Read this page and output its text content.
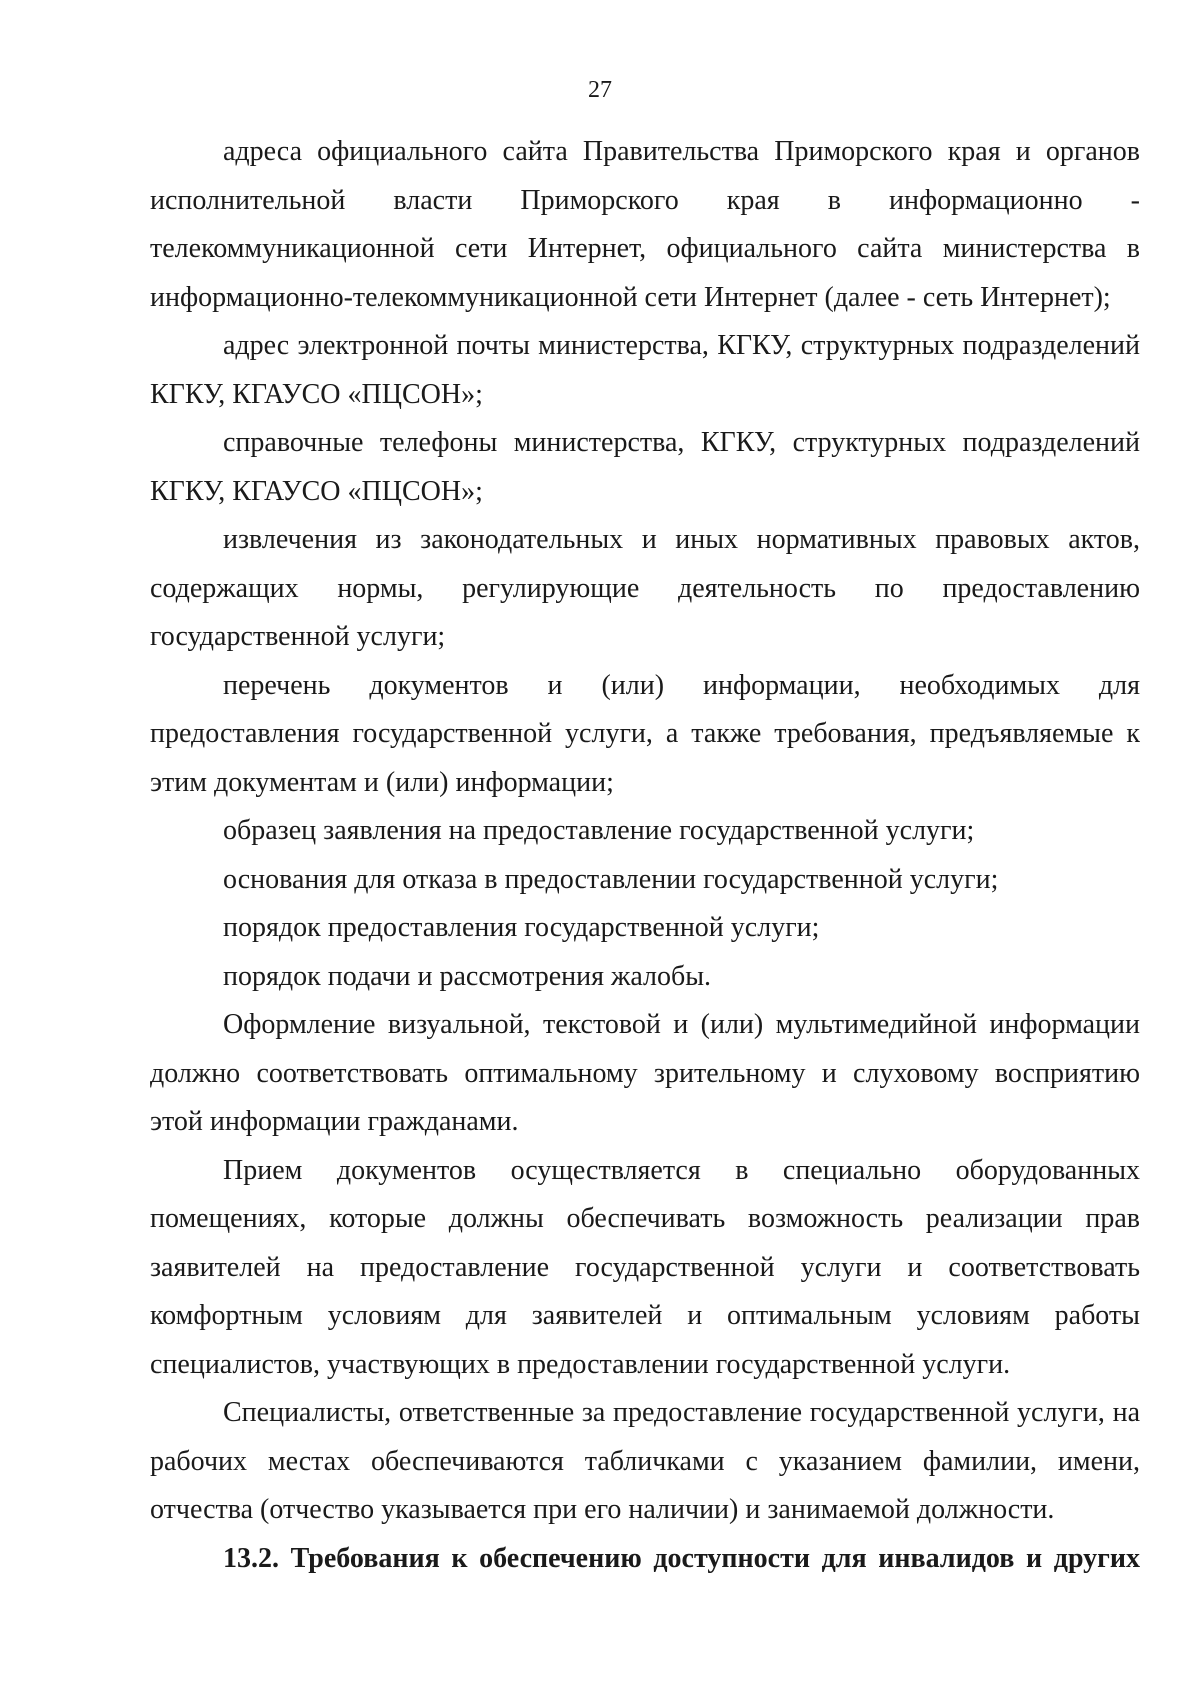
27

адреса официального сайта Правительства Приморского края и органов исполнительной власти Приморского края в информационно - телекоммуникационной сети Интернет, официального сайта министерства в информационно-телекоммуникационной сети Интернет (далее - сеть Интернет);

адрес электронной почты министерства, КГКУ, структурных подразделений КГКУ, КГАУСО «ПЦСОН»;

справочные телефоны министерства, КГКУ, структурных подразделений КГКУ, КГАУСО «ПЦСОН»;

извлечения из законодательных и иных нормативных правовых актов, содержащих нормы, регулирующие деятельность по предоставлению государственной услуги;

перечень документов и (или) информации, необходимых для предоставления государственной услуги, а также требования, предъявляемые к этим документам и (или) информации;

образец заявления на предоставление государственной услуги;

основания для отказа в предоставлении государственной услуги;

порядок предоставления государственной услуги;

порядок подачи и рассмотрения жалобы.

Оформление визуальной, текстовой и (или) мультимедийной информации должно соответствовать оптимальному зрительному и слуховому восприятию этой информации гражданами.

Прием документов осуществляется в специально оборудованных помещениях, которые должны обеспечивать возможность реализации прав заявителей на предоставление государственной услуги и соответствовать комфортным условиям для заявителей и оптимальным условиям работы специалистов, участвующих в предоставлении государственной услуги.

Специалисты, ответственные за предоставление государственной услуги, на рабочих местах обеспечиваются табличками с указанием фамилии, имени, отчества (отчество указывается при его наличии) и занимаемой должности.

13.2. Требования к обеспечению доступности для инвалидов и других
